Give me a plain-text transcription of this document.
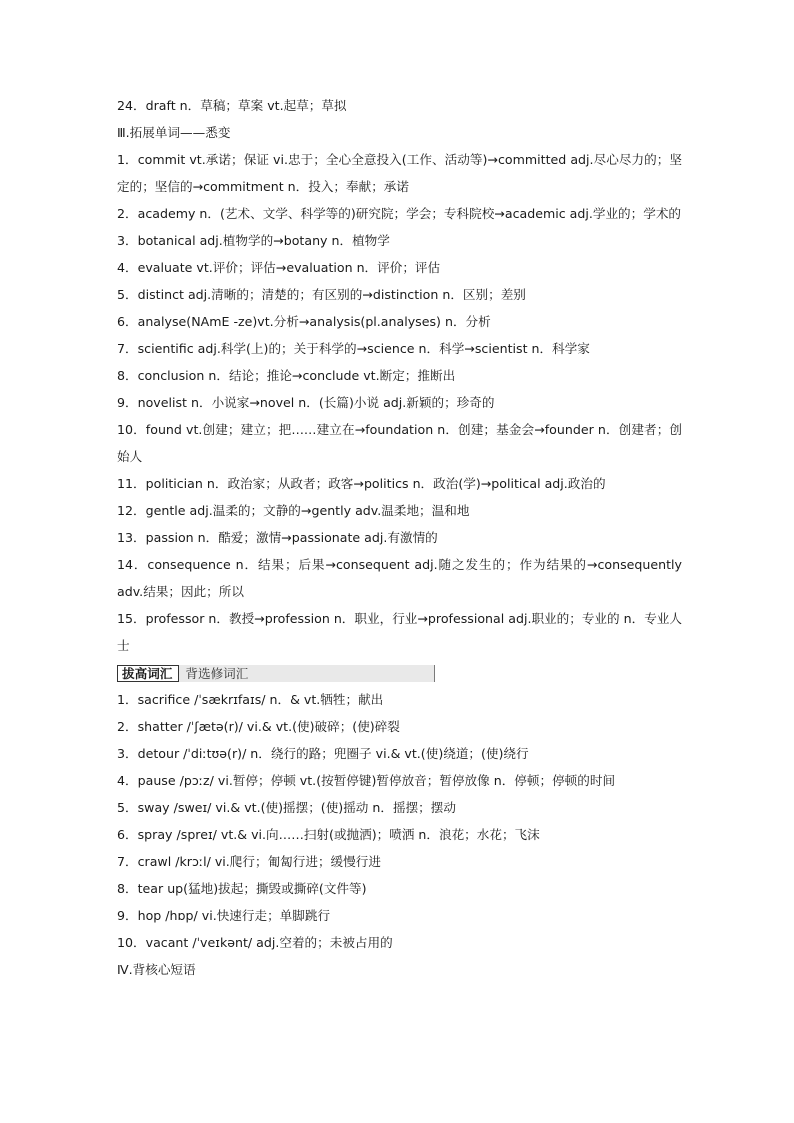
24．draft n．草稿；草案 vt.起草；草拟
Ⅲ.拓展单词——悉变
1．commit vt.承诺；保证 vi.忠于；全心全意投入(工作、活动等)→committed adj.尽心尽力的；坚定的；坚信的→commitment n．投入；奉献；承诺
2．academy n．(艺术、文学、科学等的)研究院；学会；专科院校→academic adj.学业的；学术的
3．botanical adj.植物学的→botany n．植物学
4．evaluate vt.评价；评估→evaluation n．评价；评估
5．distinct adj.清晰的；清楚的；有区别的→distinction n．区别；差别
6．analyse(NAmE -ze)vt.分析→analysis(pl.analyses) n．分析
7．scientific adj.科学(上)的；关于科学的→science n．科学→scientist n．科学家
8．conclusion n．结论；推论→conclude vt.断定；推断出
9．novelist n．小说家→novel n．(长篇)小说 adj.新颖的；珍奇的
10．found vt.创建；建立；把……建立在→foundation n．创建；基金会→founder n．创建者；创始人
11．politician n．政治家；从政者；政客→politics n．政治(学)→political adj.政治的
12．gentle adj.温柔的；文静的→gently adv.温柔地；温和地
13．passion n．酷爱；激情→passionate adj.有激情的
14．consequence n．结果；后果→consequent adj.随之发生的；作为结果的→consequently adv.结果；因此；所以
15．professor n．教授→profession n．职业，行业→professional adj.职业的；专业的 n．专业人士
拔高词汇	背选修词汇
1．sacrifice /ˈsækrɪfaɪs/ n．& vt.牺牲；献出
2．shatter /ˈʃætə(r)/ vi.& vt.(使)破碎；(使)碎裂
3．detour /ˈdiːtʊə(r)/ n．绕行的路；兜圈子 vi.& vt.(使)绕道；(使)绕行
4．pause /pɔːz/ vi.暂停；停顿 vt.(按暂停键)暂停放音；暂停放像 n．停顿；停顿的时间
5．sway /sweɪ/ vi.& vt.(使)摇摆；(使)摇动 n．摇摆；摆动
6．spray /spreɪ/ vt.& vi.向……扫射(或抛洒)；喷洒 n．浪花；水花；飞沫
7．crawl /krɔːl/ vi.爬行；匍匐行进；缓慢行进
8．tear up(猛地)拔起；撕毁或撕碎(文件等)
9．hop /hɒp/ vi.快速行走；单脚跳行
10．vacant /ˈveɪkənt/ adj.空着的；未被占用的
Ⅳ.背核心短语
